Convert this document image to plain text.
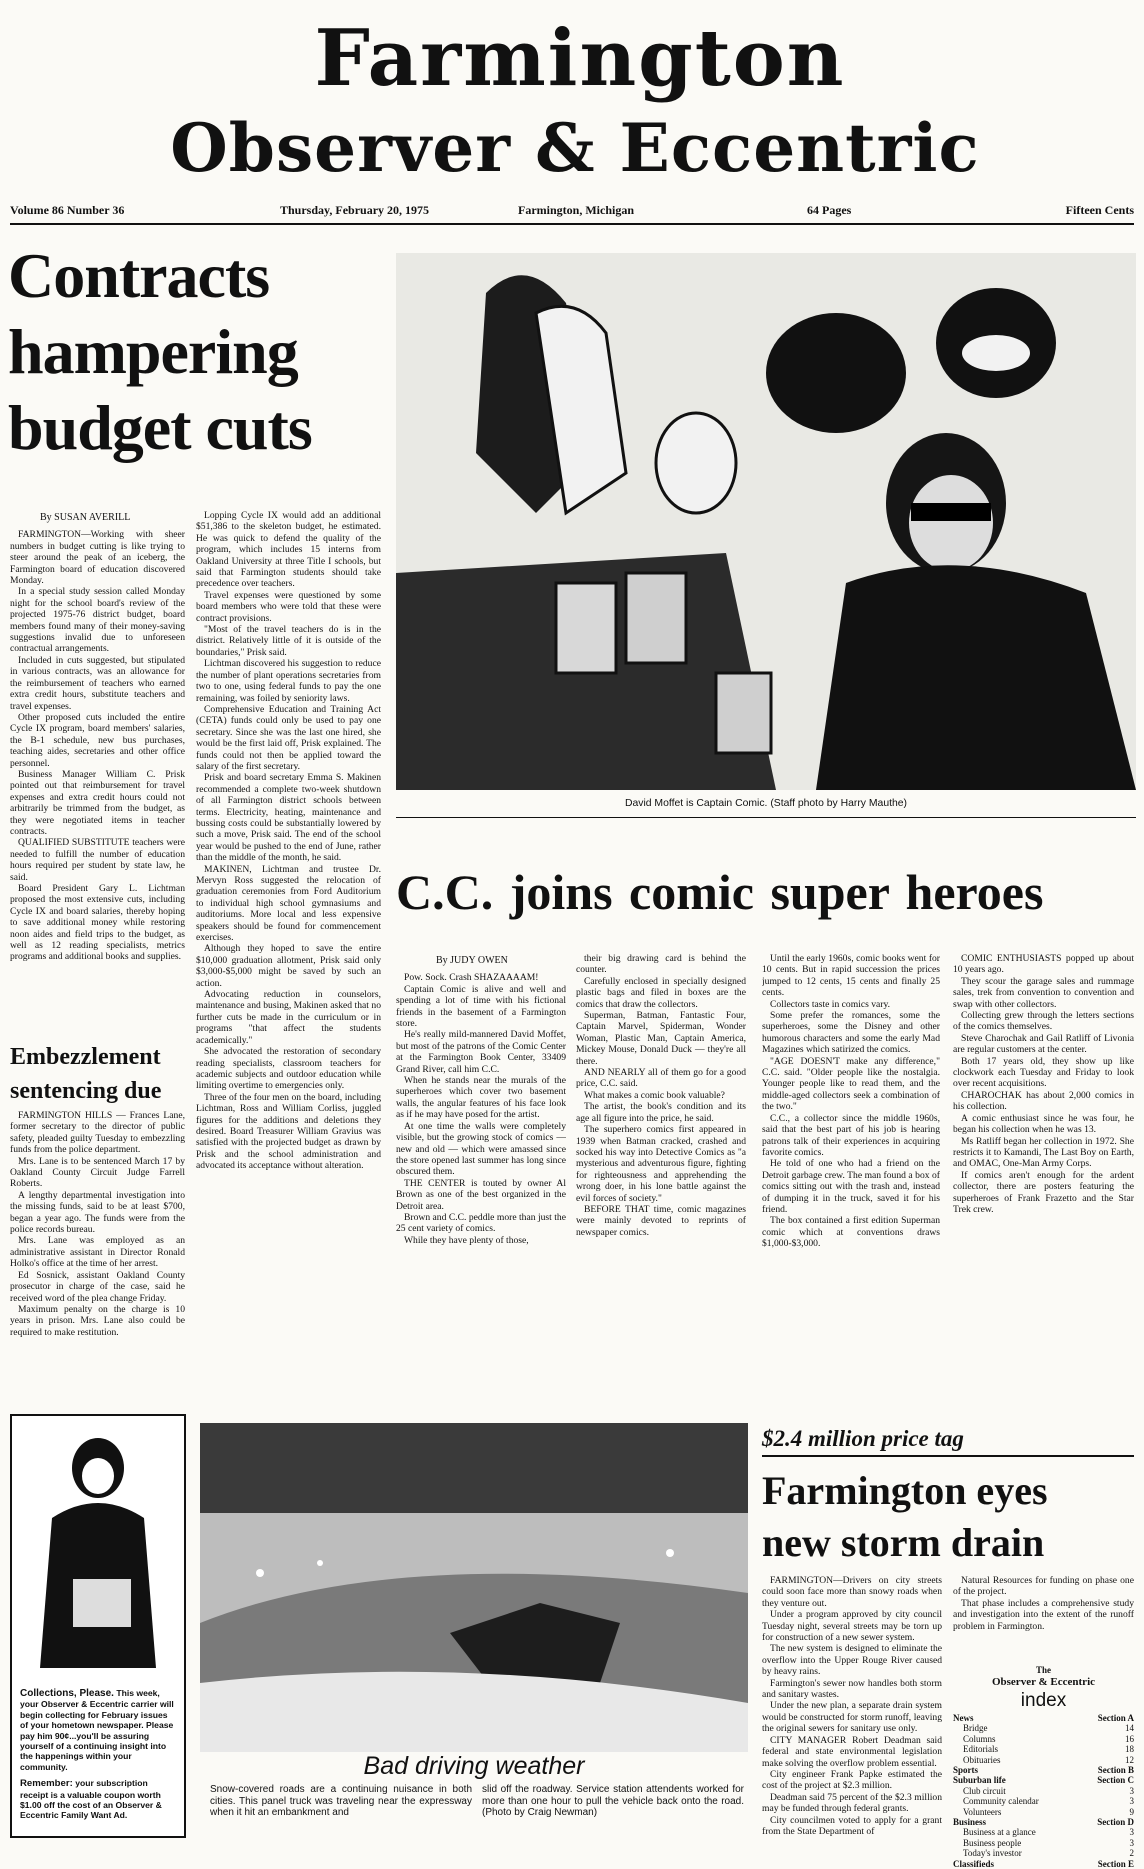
Farmington
Observer & Eccentric
Volume 86 Number 36	Thursday, February 20, 1975	Farmington, Michigan	64 Pages	Fifteen Cents
Contracts
hampering
budget cuts
By SUSAN AVERILL

FARMINGTON—Working with sheer numbers in budget cutting is like trying to steer around the peak of an iceberg, the Farmington board of education discovered Monday.

In a special study session called Monday night for the school board's review of the projected 1975-76 district budget, board members found many of their money-saving suggestions invalid due to unforeseen contractual arrangements.

Included in cuts suggested, but stipulated in various contracts, was an allowance for the reimbursement of teachers who earned extra credit hours, substitute teachers and travel expenses.

Other proposed cuts included the entire Cycle IX program, board members' salaries, the B-1 schedule, new bus purchases, teaching aides, secretaries and other office personnel.

Business Manager William C. Prisk pointed out that reimbursement for travel expenses and extra credit hours could not arbitrarily be trimmed from the budget, as they were negotiated items in teacher contracts.

QUALIFIED SUBSTITUTE teachers were needed to fulfill the number of education hours required per student by state law, he said.

Board President Gary L. Lichtman proposed the most extensive cuts, including Cycle IX and board salaries, thereby hoping to save additional money while restoring noon aides and field trips to the budget, as well as 12 reading specialists, metrics programs and additional books and supplies.

Lopping Cycle IX would add an additional $51,386 to the skeleton budget, he estimated. He was quick to defend the quality of the program, which includes 15 interns from Oakland University at three Title I schools, but said that Farmington students should take precedence over teachers.

Travel expenses were questioned by some board members who were told that these were contract provisions.

"Most of the travel teachers do is in the district. Relatively little of it is outside of the boundaries," Prisk said.

Lichtman discovered his suggestion to reduce the number of plant operations secretaries from two to one, using federal funds to pay the one remaining, was foiled by seniority laws.

Comprehensive Education and Training Act (CETA) funds could only be used to pay one secretary. Since she was the last one hired, she would be the first laid off, Prisk explained. The funds could not then be applied toward the salary of the first secretary.

Prisk and board secretary Emma S. Makinen recommended a complete two-week shutdown of all Farmington district schools between terms. Electricity, heating, maintenance and bussing costs could be substantially lowered by such a move, Prisk said. The end of the school year would be pushed to the end of June, rather than the middle of the month, he said.

MAKINEN, Lichtman and trustee Dr. Mervyn Ross suggested the relocation of graduation ceremonies from Ford Auditorium to individual high school gymnasiums and auditoriums. More local and less expensive speakers should be found for commencement exercises.

Although they hoped to save the entire $10,000 graduation allotment, Prisk said only $3,000-$5,000 might be saved by such an action.

Advocating reduction in counselors, maintenance and busing, Makinen asked that no further cuts be made in the curriculum or in programs "that affect the students academically."

She advocated the restoration of secondary reading specialists, classroom teachers for academic subjects and outdoor education while limiting overtime to emergencies only.

Three of the four men on the board, including Lichtman, Ross and William Corliss, juggled figures for the additions and deletions they desired. Board Treasurer William Gravius was satisfied with the projected budget as drawn by Prisk and the school administration and advocated its acceptance without alteration.

Embezzlement
sentencing due

FARMINGTON HILLS — Frances Lane, former secretary to the director of public safety, pleaded guilty Tuesday to embezzling funds from the police department.

Mrs. Lane is to be sentenced March 17 by Oakland County Circuit Judge Farrell Roberts.

A lengthy departmental investigation into the missing funds, said to be at least $700, began a year ago. The funds were from the police records bureau.

Mrs. Lane was employed as an administrative assistant in Director Ronald Holko's office at the time of her arrest.

Ed Sosnick, assistant Oakland County prosecutor in charge of the case, said he received word of the plea change Friday.

Maximum penalty on the charge is 10 years in prison. Mrs. Lane also could be required to make restitution.

Collections, Please. This week, your Observer & Eccentric carrier will begin collecting for February issues of your hometown newspaper. Please pay him 90¢...you'll be assuring yourself of a continuing insight into the happenings within your community.
Remember: your subscription receipt is a valuable coupon worth $1.00 off the cost of an Observer & Eccentric Family Want Ad.
David Moffet is Captain Comic. (Staff photo by Harry Mauthe)
C.C. joins comic super heroes
By JUDY OWEN

Pow. Sock. Crash SHAZAAAAM!

Captain Comic is alive and well and spending a lot of time with his fictional friends in the basement of a Farmington store.

He's really mild-mannered David Moffet, but most of the patrons of the Comic Center at the Farmington Book Center, 33409 Grand River, call him C.C.

When he stands near the murals of the superheroes which cover two basement walls, the angular features of his face look as if he may have posed for the artist.

At one time the walls were completely visible, but the growing stock of comics — new and old — which were amassed since the store opened last summer has long since obscured them.

THE CENTER is touted by owner Al Brown as one of the best organized in the Detroit area.

Brown and C.C. peddle more than just the 25 cent variety of comics.

While they have plenty of those,

their big drawing card is behind the counter.

Carefully enclosed in specially designed plastic bags and filed in boxes are the comics that draw the collectors.

Superman, Batman, Fantastic Four, Captain Marvel, Spiderman, Wonder Woman, Plastic Man, Captain America, Mickey Mouse, Donald Duck — they're all there.

AND NEARLY all of them go for a good price, C.C. said.

What makes a comic book valuable?

The artist, the book's condition and its age all figure into the price, he said.

The superhero comics first appeared in 1939 when Batman cracked, crashed and socked his way into Detective Comics as "a mysterious and adventurous figure, fighting for righteousness and apprehending the wrong doer, in his lone battle against the evil forces of society."

BEFORE THAT time, comic magazines were mainly devoted to reprints of newspaper comics.

Until the early 1960s, comic books went for 10 cents. But in rapid succession the prices jumped to 12 cents, 15 cents and finally 25 cents.

Collectors taste in comics vary.

Some prefer the romances, some the superheroes, some the Disney and other humorous characters and some the early Mad Magazines which satirized the comics.

"AGE DOESN'T make any difference," C.C. said. "Older people like the nostalgia. Younger people like to read them, and the middle-aged collectors seek a combination of the two."

C.C., a collector since the middle 1960s, said that the best part of his job is hearing patrons talk of their experiences in acquiring favorite comics.

He told of one who had a friend on the Detroit garbage crew. The man found a box of comics sitting out with the trash and, instead of dumping it in the truck, saved it for his friend.

The box contained a first edition Superman comic which at conventions draws $1,000-$3,000.

COMIC ENTHUSIASTS popped up about 10 years ago.

They scour the garage sales and rummage sales, trek from convention to convention and swap with other collectors.

Collecting grew through the letters sections of the comics themselves.

Steve Charochak and Gail Ratliff of Livonia are regular customers at the center.

Both 17 years old, they show up like clockwork each Tuesday and Friday to look over recent acquisitions.

CHAROCHAK has about 2,000 comics in his collection.

A comic enthusiast since he was four, he began his collection when he was 13.

Ms Ratliff began her collection in 1972. She restricts it to Kamandi, The Last Boy on Earth, and OMAC, One-Man Army Corps.

If comics aren't enough for the ardent collector, there are posters featuring the superheroes of Frank Frazetto and the Star Trek crew.

Bad driving weather
Snow-covered roads are a continuing nuisance in both cities. This panel truck was traveling near the expressway when it hit an embankment and
slid off the roadway. Service station attendents worked for more than one hour to pull the vehicle back onto the road. (Photo by Craig Newman)
$2.4 million price tag
Farmington eyes
new storm drain

FARMINGTON—Drivers on city streets could soon face more than snowy roads when they venture out.

Under a program approved by city council Tuesday night, several streets may be torn up for construction of a new sewer system.

The new system is designed to eliminate the overflow into the Upper Rouge River caused by heavy rains.

Farmington's sewer now handles both storm and sanitary wastes.

Under the new plan, a separate drain system would be constructed for storm runoff, leaving the original sewers for sanitary use only.

CITY MANAGER Robert Deadman said federal and state environmental legislation make solving the overflow problem essential.

City engineer Frank Papke estimated the cost of the project at $2.3 million.

Deadman said 75 percent of the $2.3 million may be funded through federal grants.

City councilmen voted to apply for a grant from the State Department of

Natural Resources for funding on phase one of the project.

That phase includes a comprehensive study and investigation into the extent of the runoff problem in Farmington.

The
Observer & Eccentric
index
News	Section A
Bridge	14
Columns	16
Editorials	18
Obituaries	12
Sports	Section B
Suburban life	Section C
Club circuit	3
Community calendar	3
Volunteers	9
Business	Section D
Business at a glance	3
Business people	3
Today's investor	2
Classifieds	Section E
